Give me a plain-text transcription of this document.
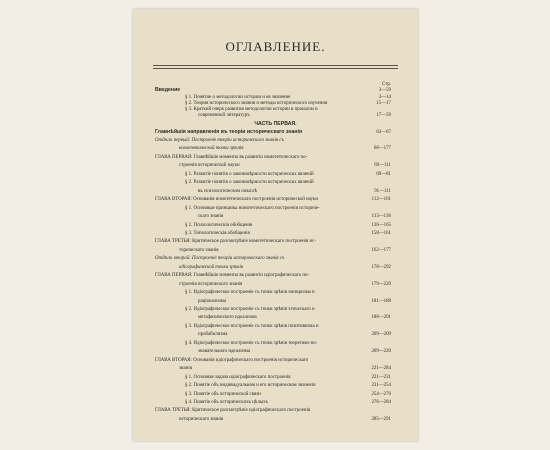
ОГЛАВЛЕНИЕ.
Стр.
Введение	3—59
§ 1. Понятие о методологии истории и ея значение	3—14
§ 2. Теория исторического знания и методы исторического изучения	15—17
§ 3. Краткий очерк развития методологии истории в прошлом и
современной литературъ	17—59
ЧАСТЬ ПЕРВАЯ.
Главнѣйшія направленія въ теоріи историческаго знанія	63—67
Отдѣлъ первый: Построеніе теоріи историческаго знанія съ
номотетической точки зрѣнія	68—177
ГЛАВА ПЕРВАЯ: Главнѣйшіе моменты въ развитіи номотетическаго по-
строенія исторической науки	69—111
§ 1. Развитіе понятія о закономѣрности исторических явленій	69—81
§ 2. Развитіе понятія о закономѣрности исторических явленій
въ психологическом смыслѣ	91—111
ГЛАВА ВТОРАЯ: Основанія номотетическаго построенія исторической науки	112—161
§ 1. Основные принципы номотетическаго построенія историче-
скаго знанія	113—136
§ 2. Психологическія обобщенія	136—165
§ 3. Типологическія обобщенія	158—161
ГЛАВА ТРЕТЬЯ: Критическое разсмотрѣніе номотетическаго построенія ис-
торическаго знанія	162—177
Отдѣлъ второй: Построеніе теоріи историческаго знанія съ
идіографической точки зрѣнія	178—292
ГЛАВА ПЕРВАЯ: Главнѣйшіе моменты въ развитіи идіографическаго по-
строенія исторического знанія	179—220
§ 1. Идіографическое построеніе съ точки зрѣнія эмпиризма и
раціонализма	181—188
§ 2. Идіографическое построеніе съ точки зрѣнія этическаго и
метафизического идеализма	188—201
§ 3. Идіографическое построеніе съ точки зрѣнія позитивизма и
пробабилизма	209—209
§ 4. Идіографическое построеніе съ точки зрѣнія теоретико-по-
знавательнаго идеализма	209—220
ГЛАВА ВТОРАЯ: Основанія идіографическаго построенія историческаго
знанія	221—284
§ 1. Основная задача идіографическаго построенія	221—231
§ 2. Понятіе объ индивидуальном и его историческом значеніи	231—254
§ 3. Понятіе объ исторической связи	254—276
§ 4. Понятіе объ историческихъ цѣлыхъ	276—284
ГЛАВА ТРЕТЬЯ: Критическое разсмотрѣніе идіографическаго построенія
историческаго знанія	285—291
